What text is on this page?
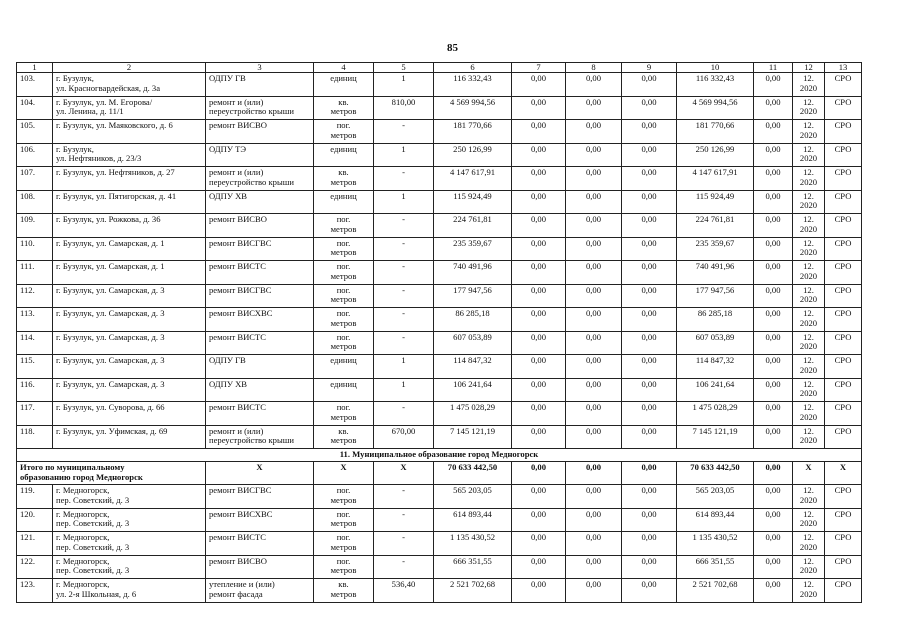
85
1	2	3	4	5	6	7	8	9	10	11	12	13
103.	г. Бузулук,
ул. Красногвардейская, д. 3а	ОДПУ ГВ	единиц	1	116 332,43	0,00	0,00	0,00	116 332,43	0,00	12.
2020	СРО
104.	г. Бузулук, ул. М. Егорова/
ул. Ленина, д. 11/1	ремонт и (или)
переустройство крыши	кв.
метров	810,00	4 569 994,56	0,00	0,00	0,00	4 569 994,56	0,00	12.
2020	СРО
105.	г. Бузулук, ул. Маяковского, д. 6	ремонт ВИСВО	пог.
метров	-	181 770,66	0,00	0,00	0,00	181 770,66	0,00	12.
2020	СРО
106.	г. Бузулук,
ул. Нефтяников, д. 23/3	ОДПУ ТЭ	единиц	1	250 126,99	0,00	0,00	0,00	250 126,99	0,00	12.
2020	СРО
107.	г. Бузулук, ул. Нефтяников, д. 27	ремонт и (или)
переустройство крыши	кв.
метров	-	4 147 617,91	0,00	0,00	0,00	4 147 617,91	0,00	12.
2020	СРО
108.	г. Бузулук, ул. Пятигорская, д. 41	ОДПУ ХВ	единиц	1	115 924,49	0,00	0,00	0,00	115 924,49	0,00	12.
2020	СРО
109.	г. Бузулук, ул. Рожкова, д. 36	ремонт ВИСВО	пог.
метров	-	224 761,81	0,00	0,00	0,00	224 761,81	0,00	12.
2020	СРО
110.	г. Бузулук, ул. Самарская, д. 1	ремонт ВИСГВС	пог.
метров	-	235 359,67	0,00	0,00	0,00	235 359,67	0,00	12.
2020	СРО
111.	г. Бузулук, ул. Самарская, д. 1	ремонт ВИСТС	пог.
метров	-	740 491,96	0,00	0,00	0,00	740 491,96	0,00	12.
2020	СРО
112.	г. Бузулук, ул. Самарская, д. 3	ремонт ВИСГВС	пог.
метров	-	177 947,56	0,00	0,00	0,00	177 947,56	0,00	12.
2020	СРО
113.	г. Бузулук, ул. Самарская, д. 3	ремонт ВИСХВС	пог.
метров	-	86 285,18	0,00	0,00	0,00	86 285,18	0,00	12.
2020	СРО
114.	г. Бузулук, ул. Самарская, д. 3	ремонт ВИСТС	пог.
метров	-	607 053,89	0,00	0,00	0,00	607 053,89	0,00	12.
2020	СРО
115.	г. Бузулук, ул. Самарская, д. 3	ОДПУ ГВ	единиц	1	114 847,32	0,00	0,00	0,00	114 847,32	0,00	12.
2020	СРО
116.	г. Бузулук, ул. Самарская, д. 3	ОДПУ ХВ	единиц	1	106 241,64	0,00	0,00	0,00	106 241,64	0,00	12.
2020	СРО
117.	г. Бузулук, ул. Суворова, д. 66	ремонт ВИСТС	пог.
метров	-	1 475 028,29	0,00	0,00	0,00	1 475 028,29	0,00	12.
2020	СРО
118.	г. Бузулук, ул. Уфимская, д. 69	ремонт и (или)
переустройство крыши	кв.
метров	670,00	7 145 121,19	0,00	0,00	0,00	7 145 121,19	0,00	12.
2020	СРО
11. Муниципальное образование город Медногорск												

Итого по муниципальному
образованию город Медногорск		X	X	X	70 633 442,50	0,00	0,00	0,00	70 633 442,50	0,00	X	X
119.	г. Медногорск,
пер. Советский, д. 3	ремонт ВИСГВС	пог.
метров	-	565 203,05	0,00	0,00	0,00	565 203,05	0,00	12.
2020	СРО
120.	г. Медногорск,
пер. Советский, д. 3	ремонт ВИСХВС	пог.
метров	-	614 893,44	0,00	0,00	0,00	614 893,44	0,00	12.
2020	СРО
121.	г. Медногорск,
пер. Советский, д. 3	ремонт ВИСТС	пог.
метров	-	1 135 430,52	0,00	0,00	0,00	1 135 430,52	0,00	12.
2020	СРО
122.	г. Медногорск,
пер. Советский, д. 3	ремонт ВИСВО	пог.
метров	-	666 351,55	0,00	0,00	0,00	666 351,55	0,00	12.
2020	СРО
123.	г. Медногорск,
ул. 2-я Школьная, д. 6	утепление и (или)
ремонт фасада	кв.
метров	536,40	2 521 702,68	0,00	0,00	0,00	2 521 702,68	0,00	12.
2020	СРО
